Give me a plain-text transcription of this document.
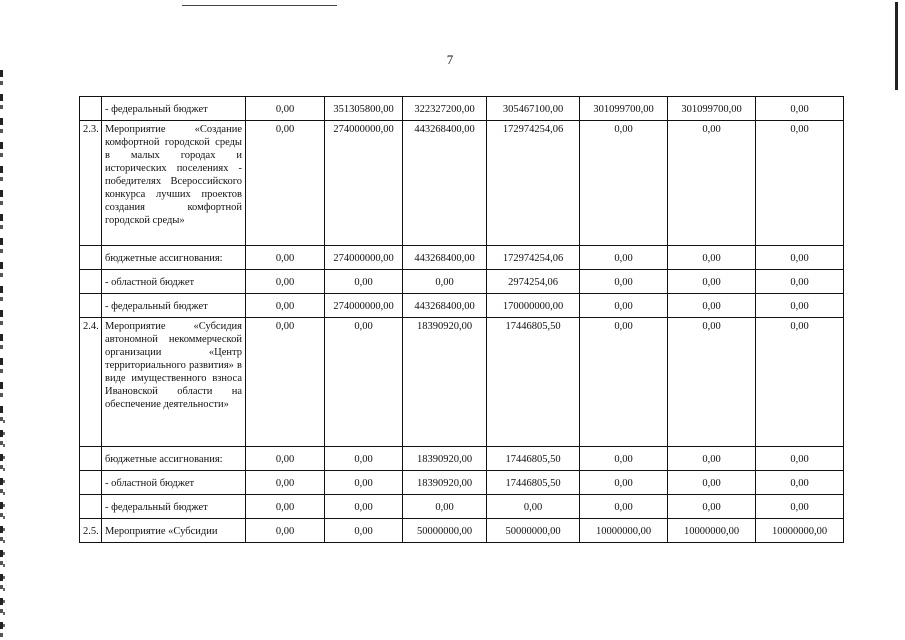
7
	- федеральный бюджет	0,00	351305800,00	322327200,00	305467100,00	301099700,00	301099700,00	0,00
2.3.	Мероприятие «Создание комфортной городской среды в малых городах и исторических поселениях - победителях Всероссийского конкурса лучших проектов создания комфортной городской среды»	0,00	274000000,00	443268400,00	172974254,06	0,00	0,00	0,00
	бюджетные ассигнования:	0,00	274000000,00	443268400,00	172974254,06	0,00	0,00	0,00
	- областной бюджет	0,00	0,00	0,00	2974254,06	0,00	0,00	0,00
	- федеральный бюджет	0,00	274000000,00	443268400,00	170000000,00	0,00	0,00	0,00
2.4.	Мероприятие «Субсидия автономной некоммерческой организации «Центр территориального развития» в виде имущественного взноса Ивановской области на обеспечение деятельности»	0,00	0,00	18390920,00	17446805,50	0,00	0,00	0,00
	бюджетные ассигнования:	0,00	0,00	18390920,00	17446805,50	0,00	0,00	0,00
	- областной бюджет	0,00	0,00	18390920,00	17446805,50	0,00	0,00	0,00
	- федеральный бюджет	0,00	0,00	0,00	0,00	0,00	0,00	0,00
2.5.	Мероприятие «Субсидии	0,00	0,00	50000000,00	50000000,00	10000000,00	10000000,00	10000000,00
